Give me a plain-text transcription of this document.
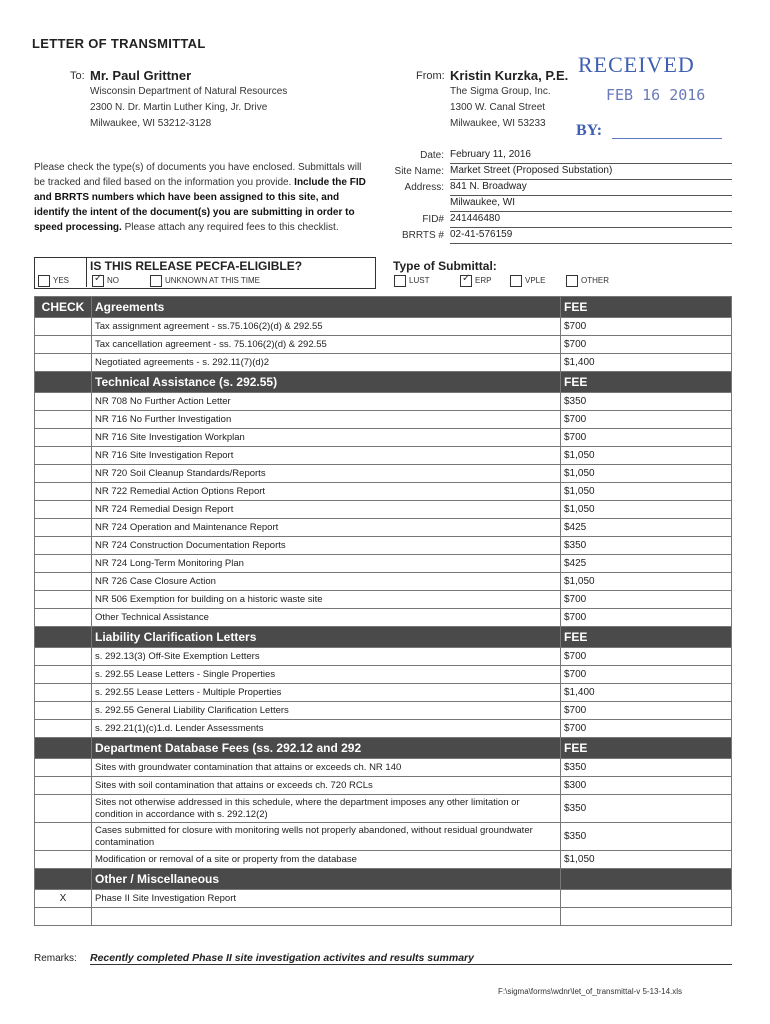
LETTER OF TRANSMITTAL
To: Mr. Paul Grittner
Wisconsin Department of Natural Resources
2300 N. Dr. Martin Luther King, Jr. Drive
Milwaukee, WI 53212-3128
From: Kristin Kurzka, P.E.
The Sigma Group, Inc.
1300 W. Canal Street
Milwaukee, WI 53233
RECEIVED
FEB 16 2016
BY:
Please check the type(s) of documents you have enclosed. Submittals will be tracked and filed based on the information you provide. Include the FID and BRRTS numbers which have been assigned to this site, and identify the intent of the document(s) you are submitting in order to speed processing. Please attach any required fees to this checklist.
Date: February 11, 2016
Site Name: Market Street (Proposed Substation)
Address: 841 N. Broadway
Milwaukee, WI
FID# 241446480
BRRTS # 02-41-576159
IS THIS RELEASE PECFA-ELIGIBLE?
YES ✓	NO	UNKNOWN AT THIS TIME
Type of Submittal:
LUST ✓	ERP	VPLE	OTHER
CHECK	Agreements	FEE
	Tax assignment agreement - ss.75.106(2)(d) & 292.55	$700
	Tax cancellation agreement - ss. 75.106(2)(d) & 292.55	$700
	Negotiated agreements - s. 292.11(7)(d)2	$1,400
	Technical Assistance (s. 292.55)	FEE
	NR 708 No Further Action Letter	$350
	NR 716 No Further Investigation	$700
	NR 716 Site Investigation Workplan	$700
	NR 716 Site Investigation Report	$1,050
	NR 720 Soil Cleanup Standards/Reports	$1,050
	NR 722 Remedial Action Options Report	$1,050
	NR 724 Remedial Design Report	$1,050
	NR 724 Operation and Maintenance Report	$425
	NR 724 Construction Documentation Reports	$350
	NR 724 Long-Term Monitoring Plan	$425
	NR 726 Case Closure Action	$1,050
	NR 506 Exemption for building on a historic waste site	$700
	Other Technical Assistance	$700
	Liability Clarification Letters	FEE
	s. 292.13(3) Off-Site Exemption Letters	$700
	s. 292.55 Lease Letters - Single Properties	$700
	s. 292.55 Lease Letters - Multiple Properties	$1,400
	s. 292.55 General Liability Clarification Letters	$700
	s. 292.21(1)(c)1.d. Lender Assessments	$700
	Department Database Fees (ss. 292.12 and 292	FEE
	Sites with groundwater contamination that attains or exceeds ch. NR 140	$350
	Sites with soil contamination that attains or exceeds ch. 720 RCLs	$300
	Sites not otherwise addressed in this schedule, where the department imposes any other limitation or condition in accordance with s. 292.12(2)	$350
	Cases submitted for closure with monitoring wells not properly abandoned, without residual groundwater contamination	$350
	Modification or removal of a site or property from the database	$1,050
	Other / Miscellaneous	
X	Phase II Site Investigation Report	

Remarks: Recently completed Phase II site investigation activites and results summary
F:\sigma\forms\wdnr\let_of_transmittal-v 5-13-14.xls
